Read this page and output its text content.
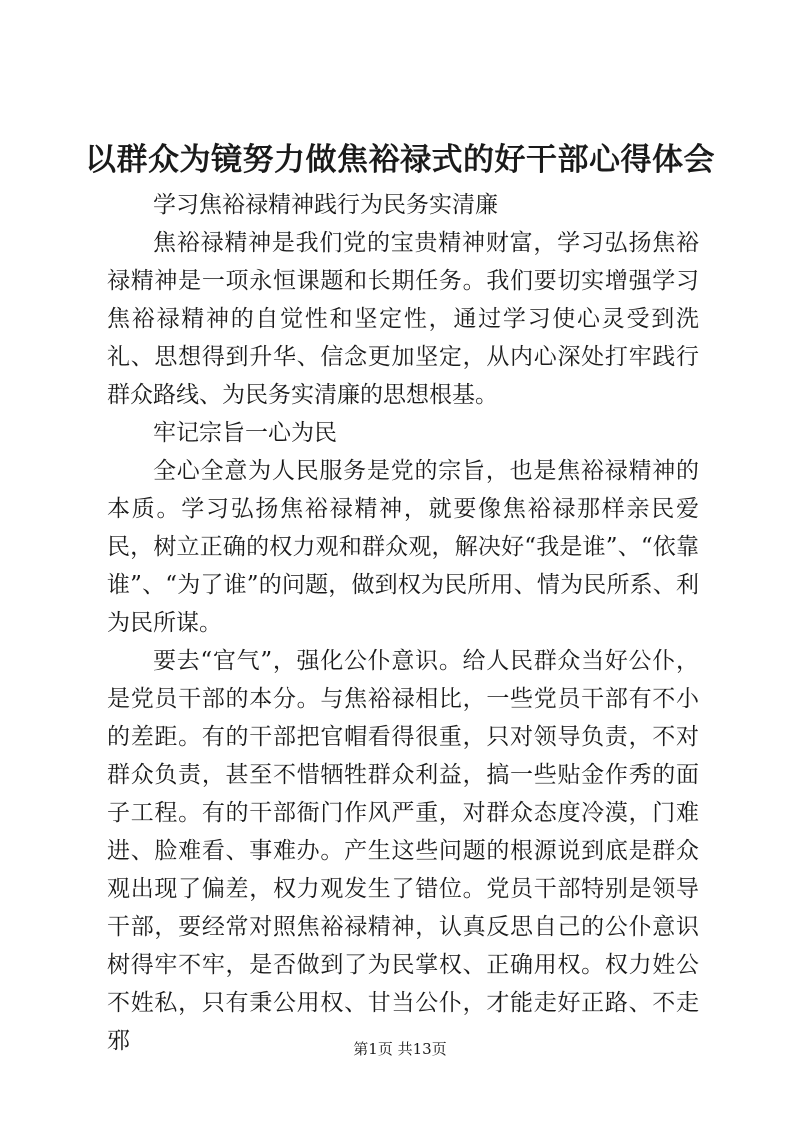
以群众为镜努力做焦裕禄式的好干部心得体会

学习焦裕禄精神践行为民务实清廉

焦裕禄精神是我们党的宝贵精神财富，学习弘扬焦裕禄精神是一项永恒课题和长期任务。我们要切实增强学习焦裕禄精神的自觉性和坚定性，通过学习使心灵受到洗礼、思想得到升华、信念更加坚定，从内心深处打牢践行群众路线、为民务实清廉的思想根基。

牢记宗旨一心为民

全心全意为人民服务是党的宗旨，也是焦裕禄精神的本质。学习弘扬焦裕禄精神，就要像焦裕禄那样亲民爱民，树立正确的权力观和群众观，解决好“我是谁”、“依靠谁”、“为了谁”的问题，做到权为民所用、情为民所系、利为民所谋。

要去“官气”，强化公仆意识。给人民群众当好公仆，是党员干部的本分。与焦裕禄相比，一些党员干部有不小的差距。有的干部把官帽看得很重，只对领导负责，不对群众负责，甚至不惜牺牲群众利益，搞一些贴金作秀的面子工程。有的干部衙门作风严重，对群众态度冷漠，门难进、脸难看、事难办。产生这些问题的根源说到底是群众观出现了偏差，权力观发生了错位。党员干部特别是领导干部，要经常对照焦裕禄精神，认真反思自己的公仆意识树得牢不牢，是否做到了为民掌权、正确用权。权力姓公不姓私，只有秉公用权、甘当公仆，才能走好正路、不走邪	第1页 共13页
